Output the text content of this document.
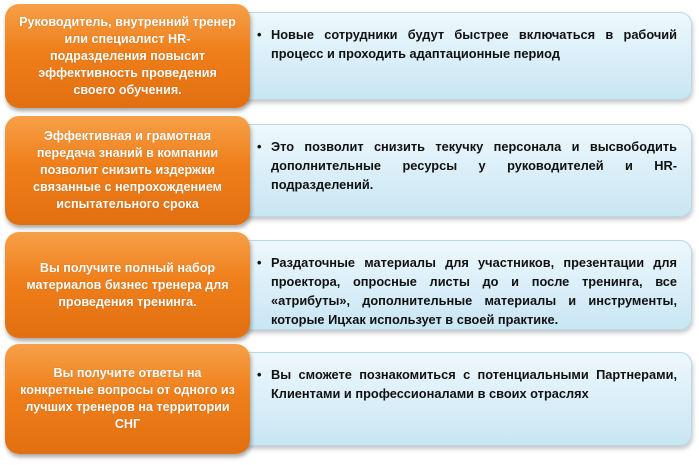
Руководитель, внутренний тренер или специалист HR-подразделения повысит эффективность проведения своего обучения.

• Новые сотрудники будут быстрее включаться в рабочий процесс и проходить адаптационные период

Эффективная и грамотная передача знаний в компании позволит снизить издержки связанные с непрохождением испытательного срока

• Это позволит снизить текучку персонала и высвободить дополнительные ресурсы у руководителей и HR-подразделений.

Вы получите полный набор материалов бизнес тренера для проведения тренинга.

• Раздаточные материалы для участников, презентации для проектора, опросные листы до и после тренинга, все «атрибуты», дополнительные материалы и инструменты, которые Ицхак использует в своей практике.

Вы получите ответы на конкретные вопросы от одного из лучших тренеров на территории СНГ

• Вы сможете познакомиться с потенциальными Партнерами, Клиентами и профессионалами в своих отраслях
